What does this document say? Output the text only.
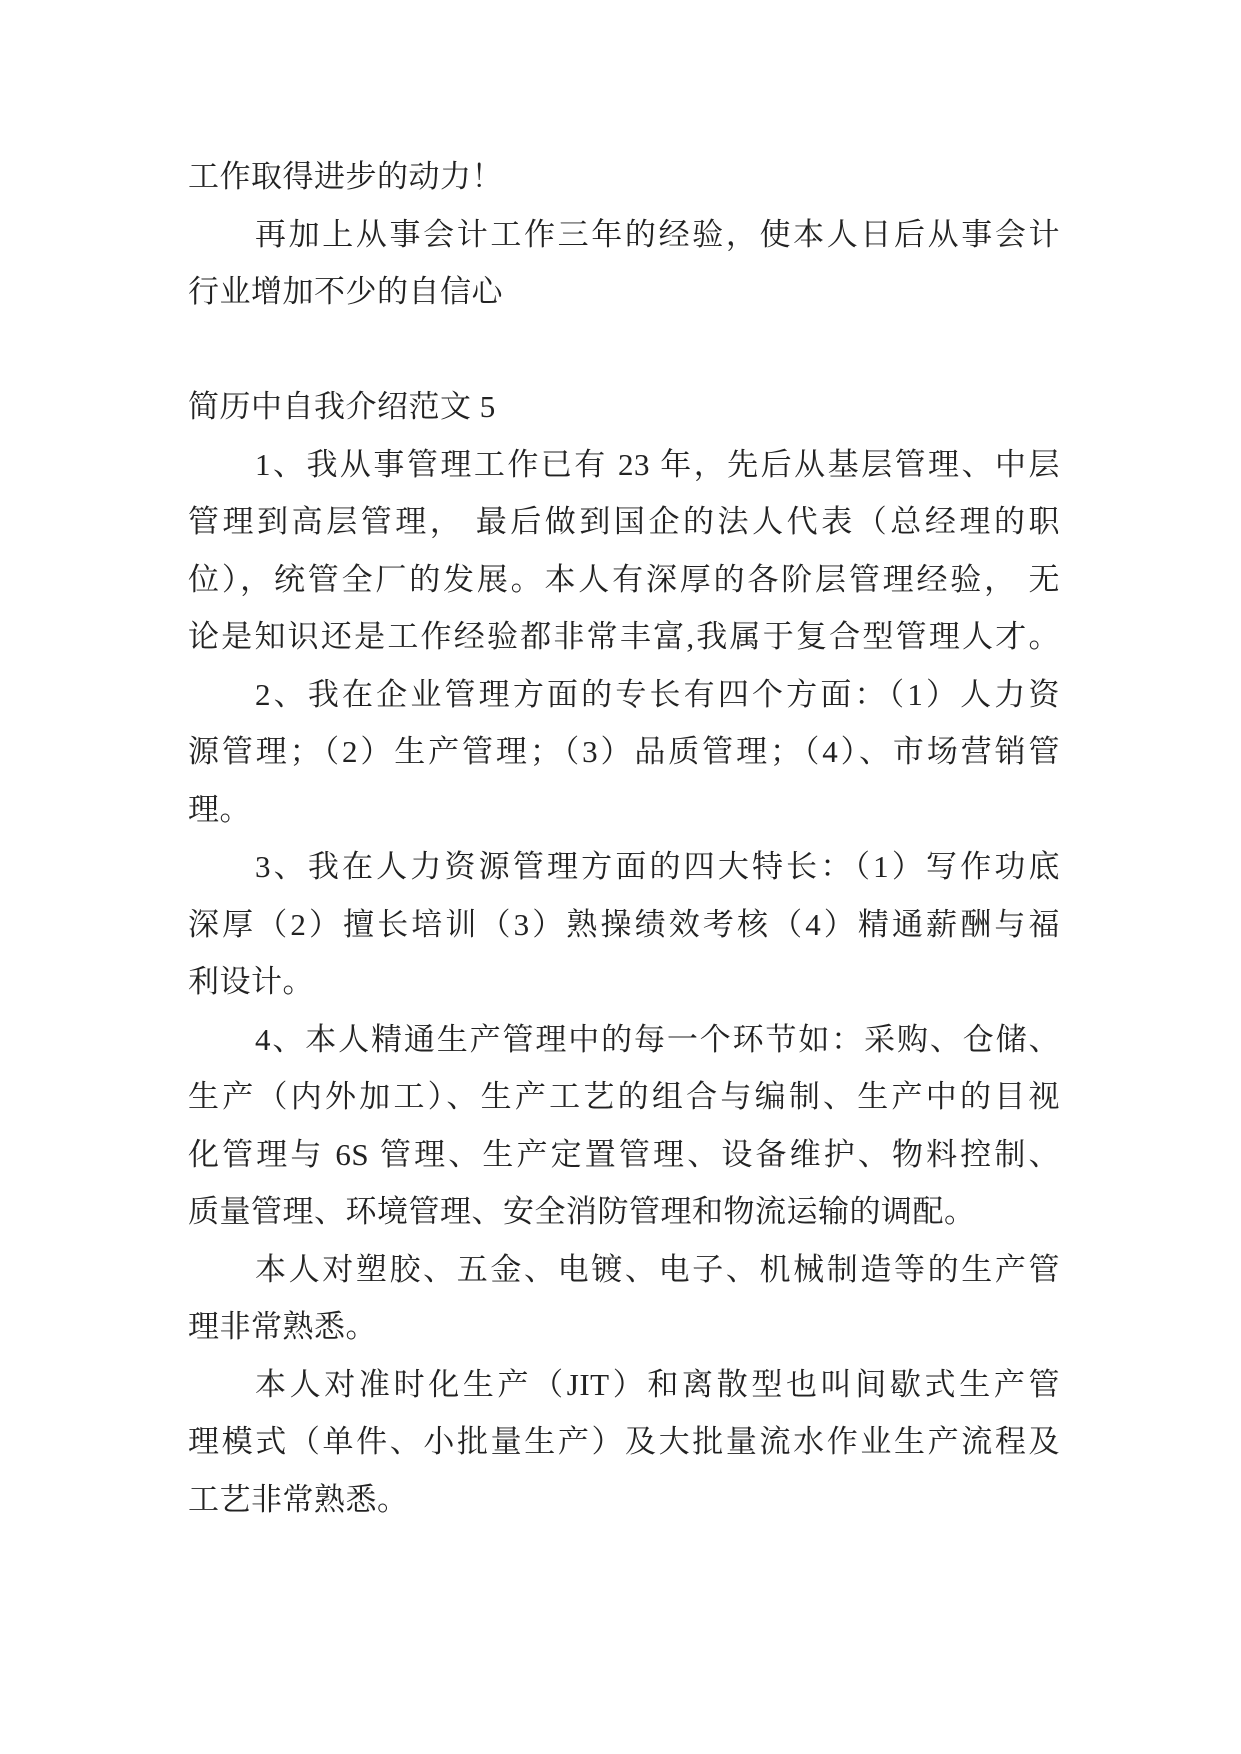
工作取得进步的动力！
再加上从事会计工作三年的经验，使本人日后从事会计
行业增加不少的自信心
简历中自我介绍范文 5
1、我从事管理工作已有 23 年，先后从基层管理、中层
管理到高层管理， 最后做到国企的法人代表（总经理的职
位），统管全厂的发展。本人有深厚的各阶层管理经验， 无
论是知识还是工作经验都非常丰富,我属于复合型管理人才。
2、我在企业管理方面的专长有四个方面：（1）人力资
源管理；（2）生产管理；（3）品质管理；（4）、市场营销管
理。
3、我在人力资源管理方面的四大特长：（1）写作功底
深厚（2）擅长培训（3）熟操绩效考核（4）精通薪酬与福
利设计。
4、本人精通生产管理中的每一个环节如：采购、仓储、
生产（内外加工）、生产工艺的组合与编制、生产中的目视
化管理与 6S 管理、生产定置管理、设备维护、物料控制、
质量管理、环境管理、安全消防管理和物流运输的调配。
本人对塑胶、五金、电镀、电子、机械制造等的生产管
理非常熟悉。
本人对准时化生产（JIT）和离散型也叫间歇式生产管
理模式（单件、小批量生产）及大批量流水作业生产流程及
工艺非常熟悉。
